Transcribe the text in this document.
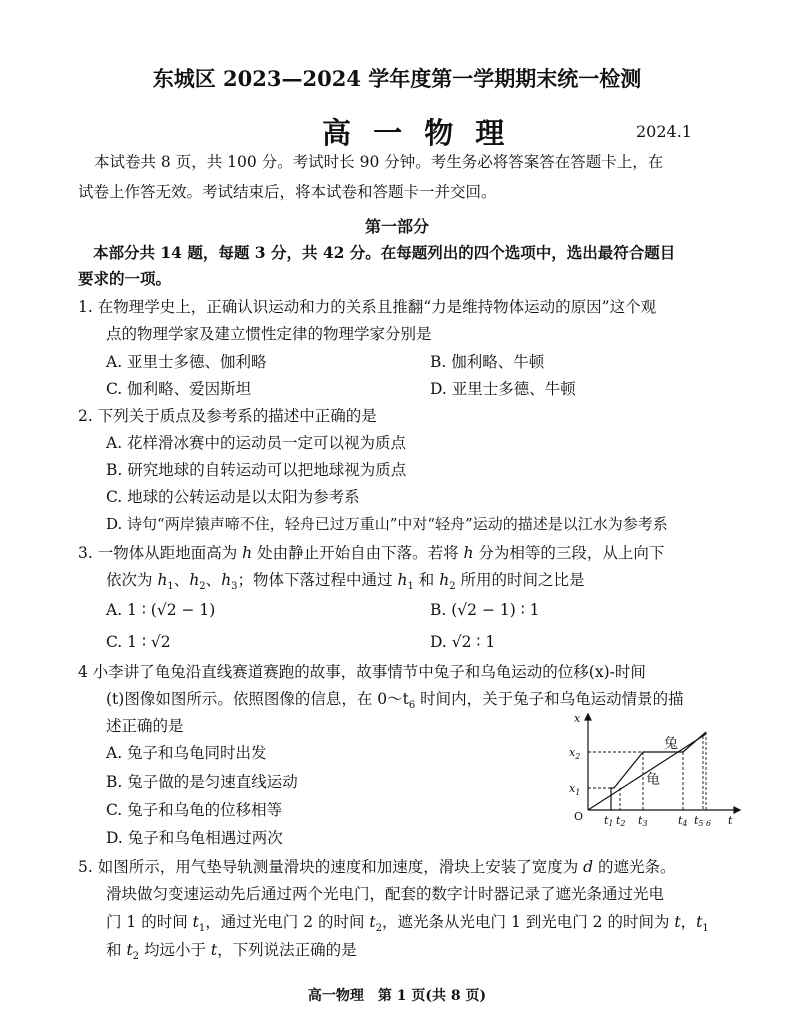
东城区 2023—2024 学年度第一学期期末统一检测
高 一 物 理	2024.1
本试卷共 8 页，共 100 分。考试时长 90 分钟。考生务必将答案答在答题卡上，在
试卷上作答无效。考试结束后，将本试卷和答题卡一并交回。
第一部分
本部分共 14 题，每题 3 分，共 42 分。在每题列出的四个选项中，选出最符合题目
要求的一项。
1. 在物理学史上，正确认识运动和力的关系且推翻“力是维持物体运动的原因”这个观
点的物理学家及建立惯性定律的物理学家分别是
A. 亚里士多德、伽利略	B. 伽利略、牛顿
C. 伽利略、爱因斯坦	D. 亚里士多德、牛顿
2. 下列关于质点及参考系的描述中正确的是
A. 花样滑冰赛中的运动员一定可以视为质点
B. 研究地球的自转运动可以把地球视为质点
C. 地球的公转运动是以太阳为参考系
D. 诗句“两岸猿声啼不住，轻舟已过万重山”中对“轻舟”运动的描述是以江水为参考系
3. 一物体从距地面高为 h 处由静止开始自由下落。若将 h 分为相等的三段，从上向下
依次为 $h_1$、$h_2$、$h_3$；物体下落过程中通过 $h_1$ 和 $h_2$ 所用的时间之比是
A. 1 ∶ (√2 − 1)	B. (√2 − 1) ∶ 1
C. 1 ∶ √2	D. √2 ∶ 1
4 小李讲了龟兔沿直线赛道赛跑的故事，故事情节中兔子和乌龟运动的位移(x)-时间
(t)图像如图所示。依照图像的信息，在 $0\sim t_6$ 时间内，关于兔子和乌龟运动情景的描
述正确的是
A. 兔子和乌龟同时出发
B. 兔子做的是匀速直线运动
C. 兔子和乌龟的位移相等
D. 兔子和乌龟相遇过两次
x
$x_2$
$x_1$
O	t
t1 t2 t3	t4 t5 6
兔
龟
5. 如图所示，用气垫导轨测量滑块的速度和加速度，滑块上安装了宽度为 d 的遮光条。
滑块做匀变速运动先后通过两个光电门，配套的数字计时器记录了遮光条通过光电
门 1 的时间 $t_1$，通过光电门 2 的时间 $t_2$，遮光条从光电门 1 到光电门 2 的时间为 t，$t_1$
和 $t_2$ 均远小于 t，下列说法正确的是
高一物理　第 1 页(共 8 页)
